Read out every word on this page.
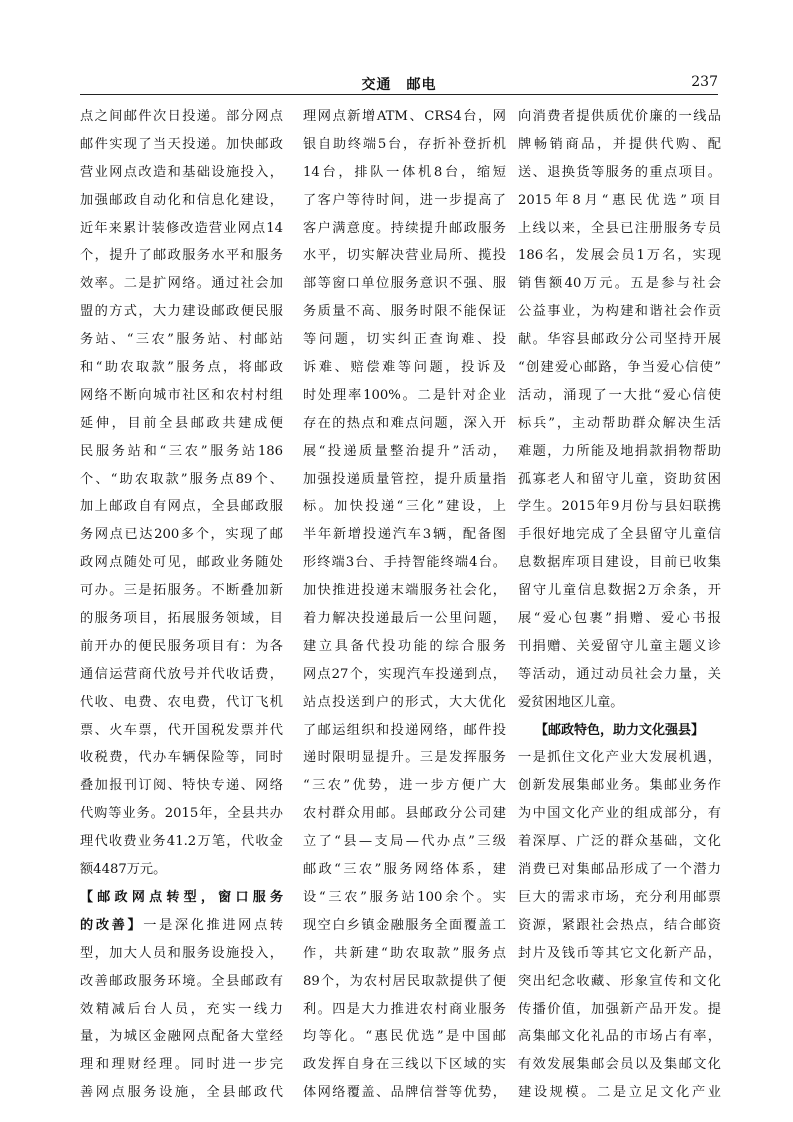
交通　邮电	237
点之间邮件次日投递。部分网点
邮件实现了当天投递。加快邮政
营业网点改造和基础设施投入，
加强邮政自动化和信息化建设，
近年来累计装修改造营业网点14
个，提升了邮政服务水平和服务
效率。二是扩网络。通过社会加
盟的方式，大力建设邮政便民服
务站、“三农”服务站、村邮站
和“助农取款”服务点，将邮政
网络不断向城市社区和农村村组
延伸，目前全县邮政共建成便
民服务站和“三农”服务站186
个、“助农取款”服务点89个、
加上邮政自有网点，全县邮政服
务网点已达200多个，实现了邮
政网点随处可见，邮政业务随处
可办。三是拓服务。不断叠加新
的服务项目，拓展服务领域，目
前开办的便民服务项目有：为各
通信运营商代放号并代收话费，
代收、电费、农电费，代订飞机
票、火车票，代开国税发票并代
收税费，代办车辆保险等，同时
叠加报刊订阅、特快专递、网络
代购等业务。2015年，全县共办
理代收费业务41.2万笔，代收金
额4487万元。
【邮政网点转型，窗口服务
的改善】一是深化推进网点转
型，加大人员和服务设施投入，
改善邮政服务环境。全县邮政有
效精减后台人员，充实一线力
量，为城区金融网点配备大堂经
理和理财经理。同时进一步完
善网点服务设施，全县邮政代
理网点新增ATM、CRS4台，网
银自助终端5台，存折补登折机
14台，排队一体机8台，缩短
了客户等待时间，进一步提高了
客户满意度。持续提升邮政服务
水平，切实解决营业局所、揽投
部等窗口单位服务意识不强、服
务质量不高、服务时限不能保证
等问题，切实纠正查询难、投
诉难、赔偿难等问题，投诉及
时处理率100%。二是针对企业
存在的热点和难点问题，深入开
展“投递质量整治提升”活动，
加强投递质量管控，提升质量指
标。加快投递“三化”建设，上
半年新增投递汽车3辆，配备图
形终端3台、手持智能终端4台。
加快推进投递末端服务社会化，
着力解决投递最后一公里问题，
建立具备代投功能的综合服务
网点27个，实现汽车投递到点，
站点投送到户的形式，大大优化
了邮运组织和投递网络，邮件投
递时限明显提升。三是发挥服务
“三农”优势，进一步方便广大
农村群众用邮。县邮政分公司建
立了“县—支局—代办点”三级
邮政“三农”服务网络体系，建
设“三农”服务站100余个。实
现空白乡镇金融服务全面覆盖工
作，共新建“助农取款”服务点
89个，为农村居民取款提供了便
利。四是大力推进农村商业服务
均等化。“惠民优选”是中国邮
政发挥自身在三线以下区域的实
体网络覆盖、品牌信誉等优势，
向消费者提供质优价廉的一线品
牌畅销商品，并提供代购、配
送、退换货等服务的重点项目。
2015年8月“惠民优选”项目
上线以来，全县已注册服务专员
186名，发展会员1万名，实现
销售额40万元。五是参与社会
公益事业，为构建和谐社会作贡
献。华容县邮政分公司坚持开展
“创建爱心邮路，争当爱心信使”
活动，涌现了一大批“爱心信使
标兵”，主动帮助群众解决生活
难题，力所能及地捐款捐物帮助
孤寡老人和留守儿童，资助贫困
学生。2015年9月份与县妇联携
手很好地完成了全县留守儿童信
息数据库项目建设，目前已收集
留守儿童信息数据2万余条，开
展“爱心包裹”捐赠、爱心书报
刊捐赠、关爱留守儿童主题义诊
等活动，通过动员社会力量，关
爱贫困地区儿童。
【邮政特色，助力文化强县】
一是抓住文化产业大发展机遇，
创新发展集邮业务。集邮业务作
为中国文化产业的组成部分，有
着深厚、广泛的群众基础，文化
消费已对集邮品形成了一个潜力
巨大的需求市场，充分利用邮票
资源，紧跟社会热点，结合邮资
封片及钱币等其它文化新产品，
突出纪念收藏、形象宣传和文化
传播价值，加强新产品开发。提
高集邮文化礼品的市场占有率，
有效发展集邮会员以及集邮文化
建设规模。二是立足文化产业
